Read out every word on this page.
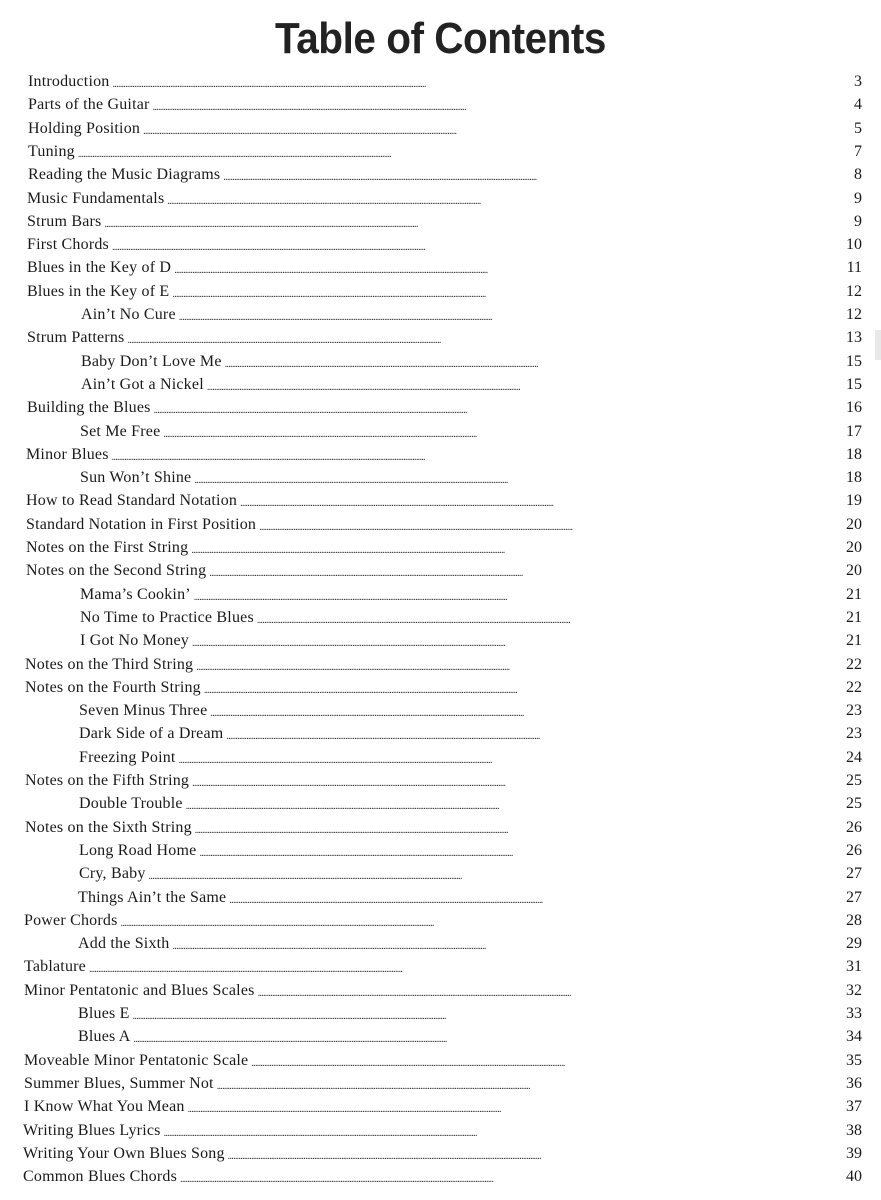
Table of Contents
Introduction . . .	3
Parts of the Guitar . . .	4
Holding Position . . .	5
Tuning . . .	7
Reading the Music Diagrams . . .	8
Music Fundamentals . . .	9
Strum Bars . . .	9
First Chords . . .	10
Blues in the Key of D . . .	11
Blues in the Key of E . . .	12
Ain’t No Cure . . .	12
Strum Patterns . . .	13
Baby Don’t Love Me . . .	15
Ain’t Got a Nickel . . .	15
Building the Blues . . .	16
Set Me Free . . .	17
Minor Blues . . .	18
Sun Won’t Shine . . .	18
How to Read Standard Notation . . .	19
Standard Notation in First Position . . .	20
Notes on the First String . . .	20
Notes on the Second String . . .	20
Mama’s Cookin’ . . .	21
No Time to Practice Blues . . .	21
I Got No Money . . .	21
Notes on the Third String . . .	22
Notes on the Fourth String . . .	22
Seven Minus Three . . .	23
Dark Side of a Dream . . .	23
Freezing Point . . .	24
Notes on the Fifth String . . .	25
Double Trouble . . .	25
Notes on the Sixth String . . .	26
Long Road Home . . .	26
Cry, Baby . . .	27
Things Ain’t the Same . . .	27
Power Chords . . .	28
Add the Sixth . . .	29
Tablature . . .	31
Minor Pentatonic and Blues Scales . . .	32
Blues E . . .	33
Blues A . . .	34
Moveable Minor Pentatonic Scale . . .	35
Summer Blues, Summer Not . . .	36
I Know What You Mean . . .	37
Writing Blues Lyrics . . .	38
Writing Your Own Blues Song . . .	39
Common Blues Chords . . .	40
